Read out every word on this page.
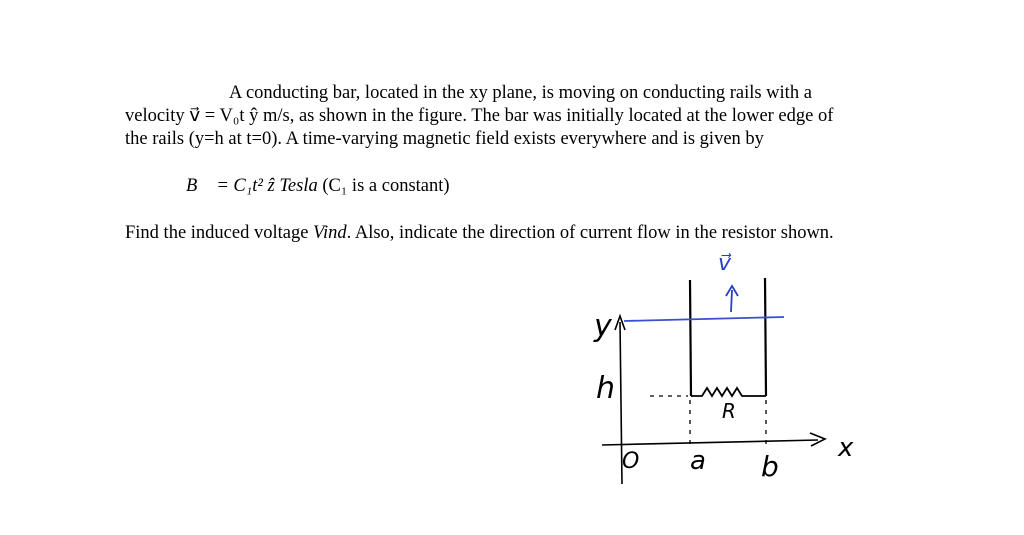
A conducting bar, located in the xy plane, is moving on conducting rails with a
velocity v⃗ = V₀t ŷ m/s, as shown in the figure. The bar was initially located at the lower edge of
the rails (y=h at t=0). A time-varying magnetic field exists everywhere and is given by
B⃗ = C₁t² ẑ Tesla (C₁ is a constant)
Find the induced voltage Vind. Also, indicate the direction of current flow in the resistor shown.
v⃗
y
h
R
O a b
x
